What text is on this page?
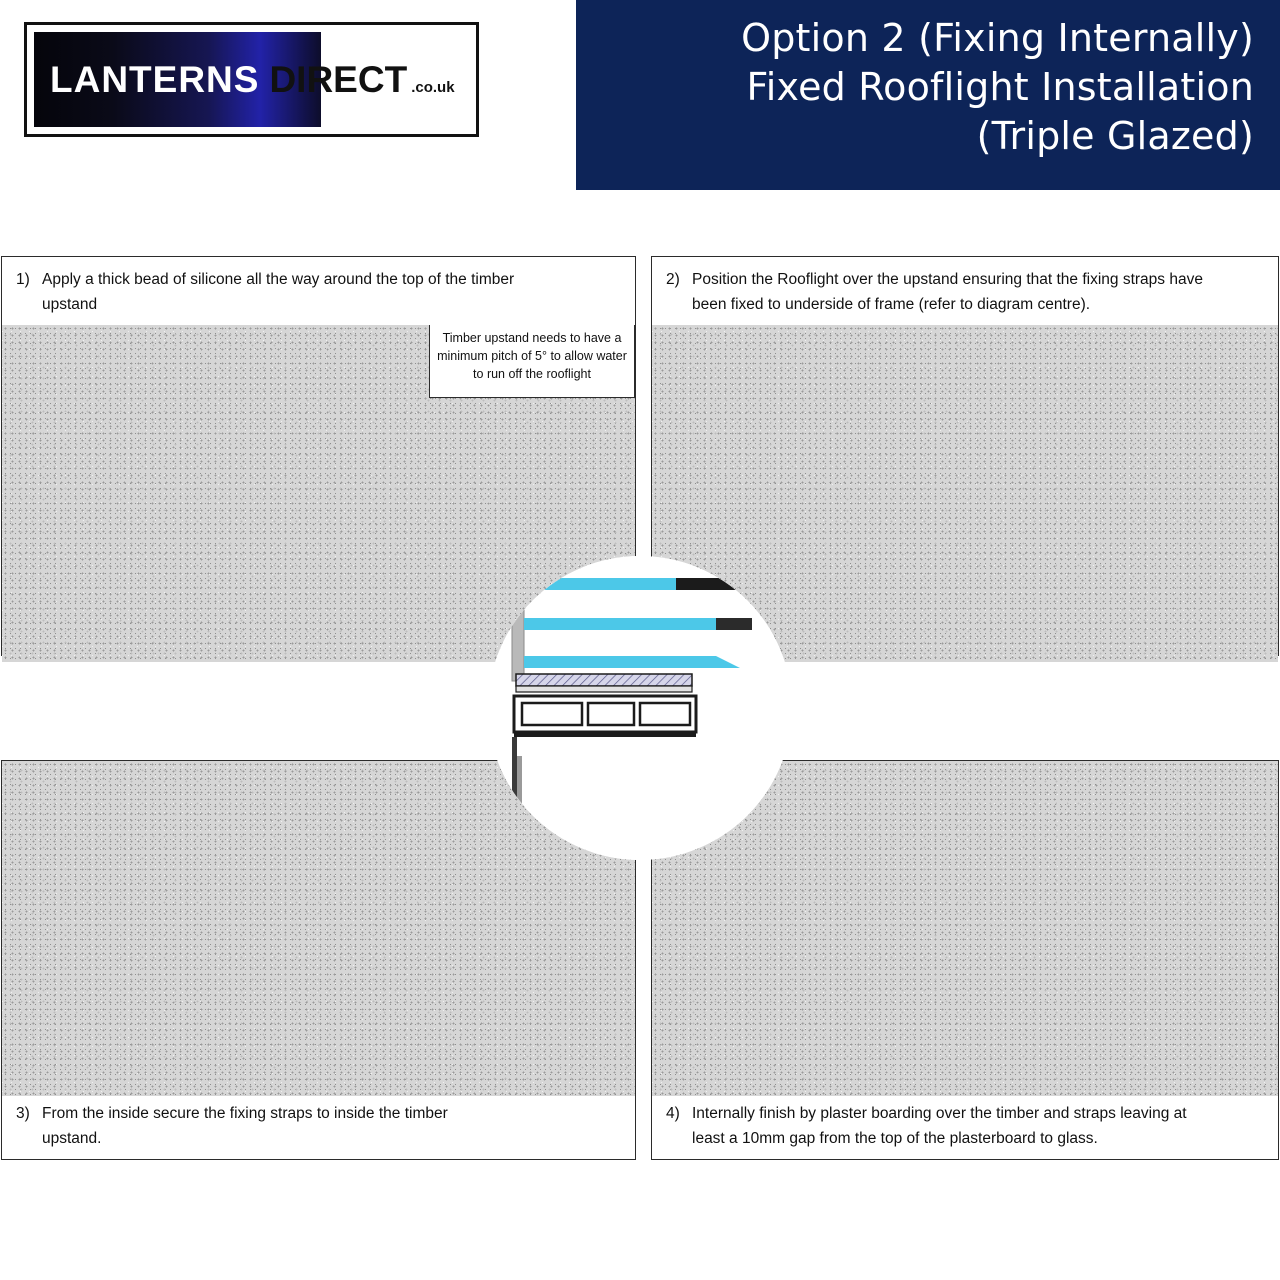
LANTERNS DIRECT .co.uk
Option 2 (Fixing Internally)
Fixed Rooflight Installation
(Triple Glazed)
1) Apply a thick bead of silicone all the way around the top of the timber
upstand
Timber upstand needs to have a minimum pitch of 5° to allow water to run off the rooflight
2) Position the Rooflight over the upstand ensuring that the fixing straps have
been fixed to underside of frame (refer to diagram centre).
3) From the inside secure the fixing straps to inside the timber
upstand.
4) Internally finish by plaster boarding over the timber and straps leaving at
least a 10mm gap from the top of the plasterboard to glass.
